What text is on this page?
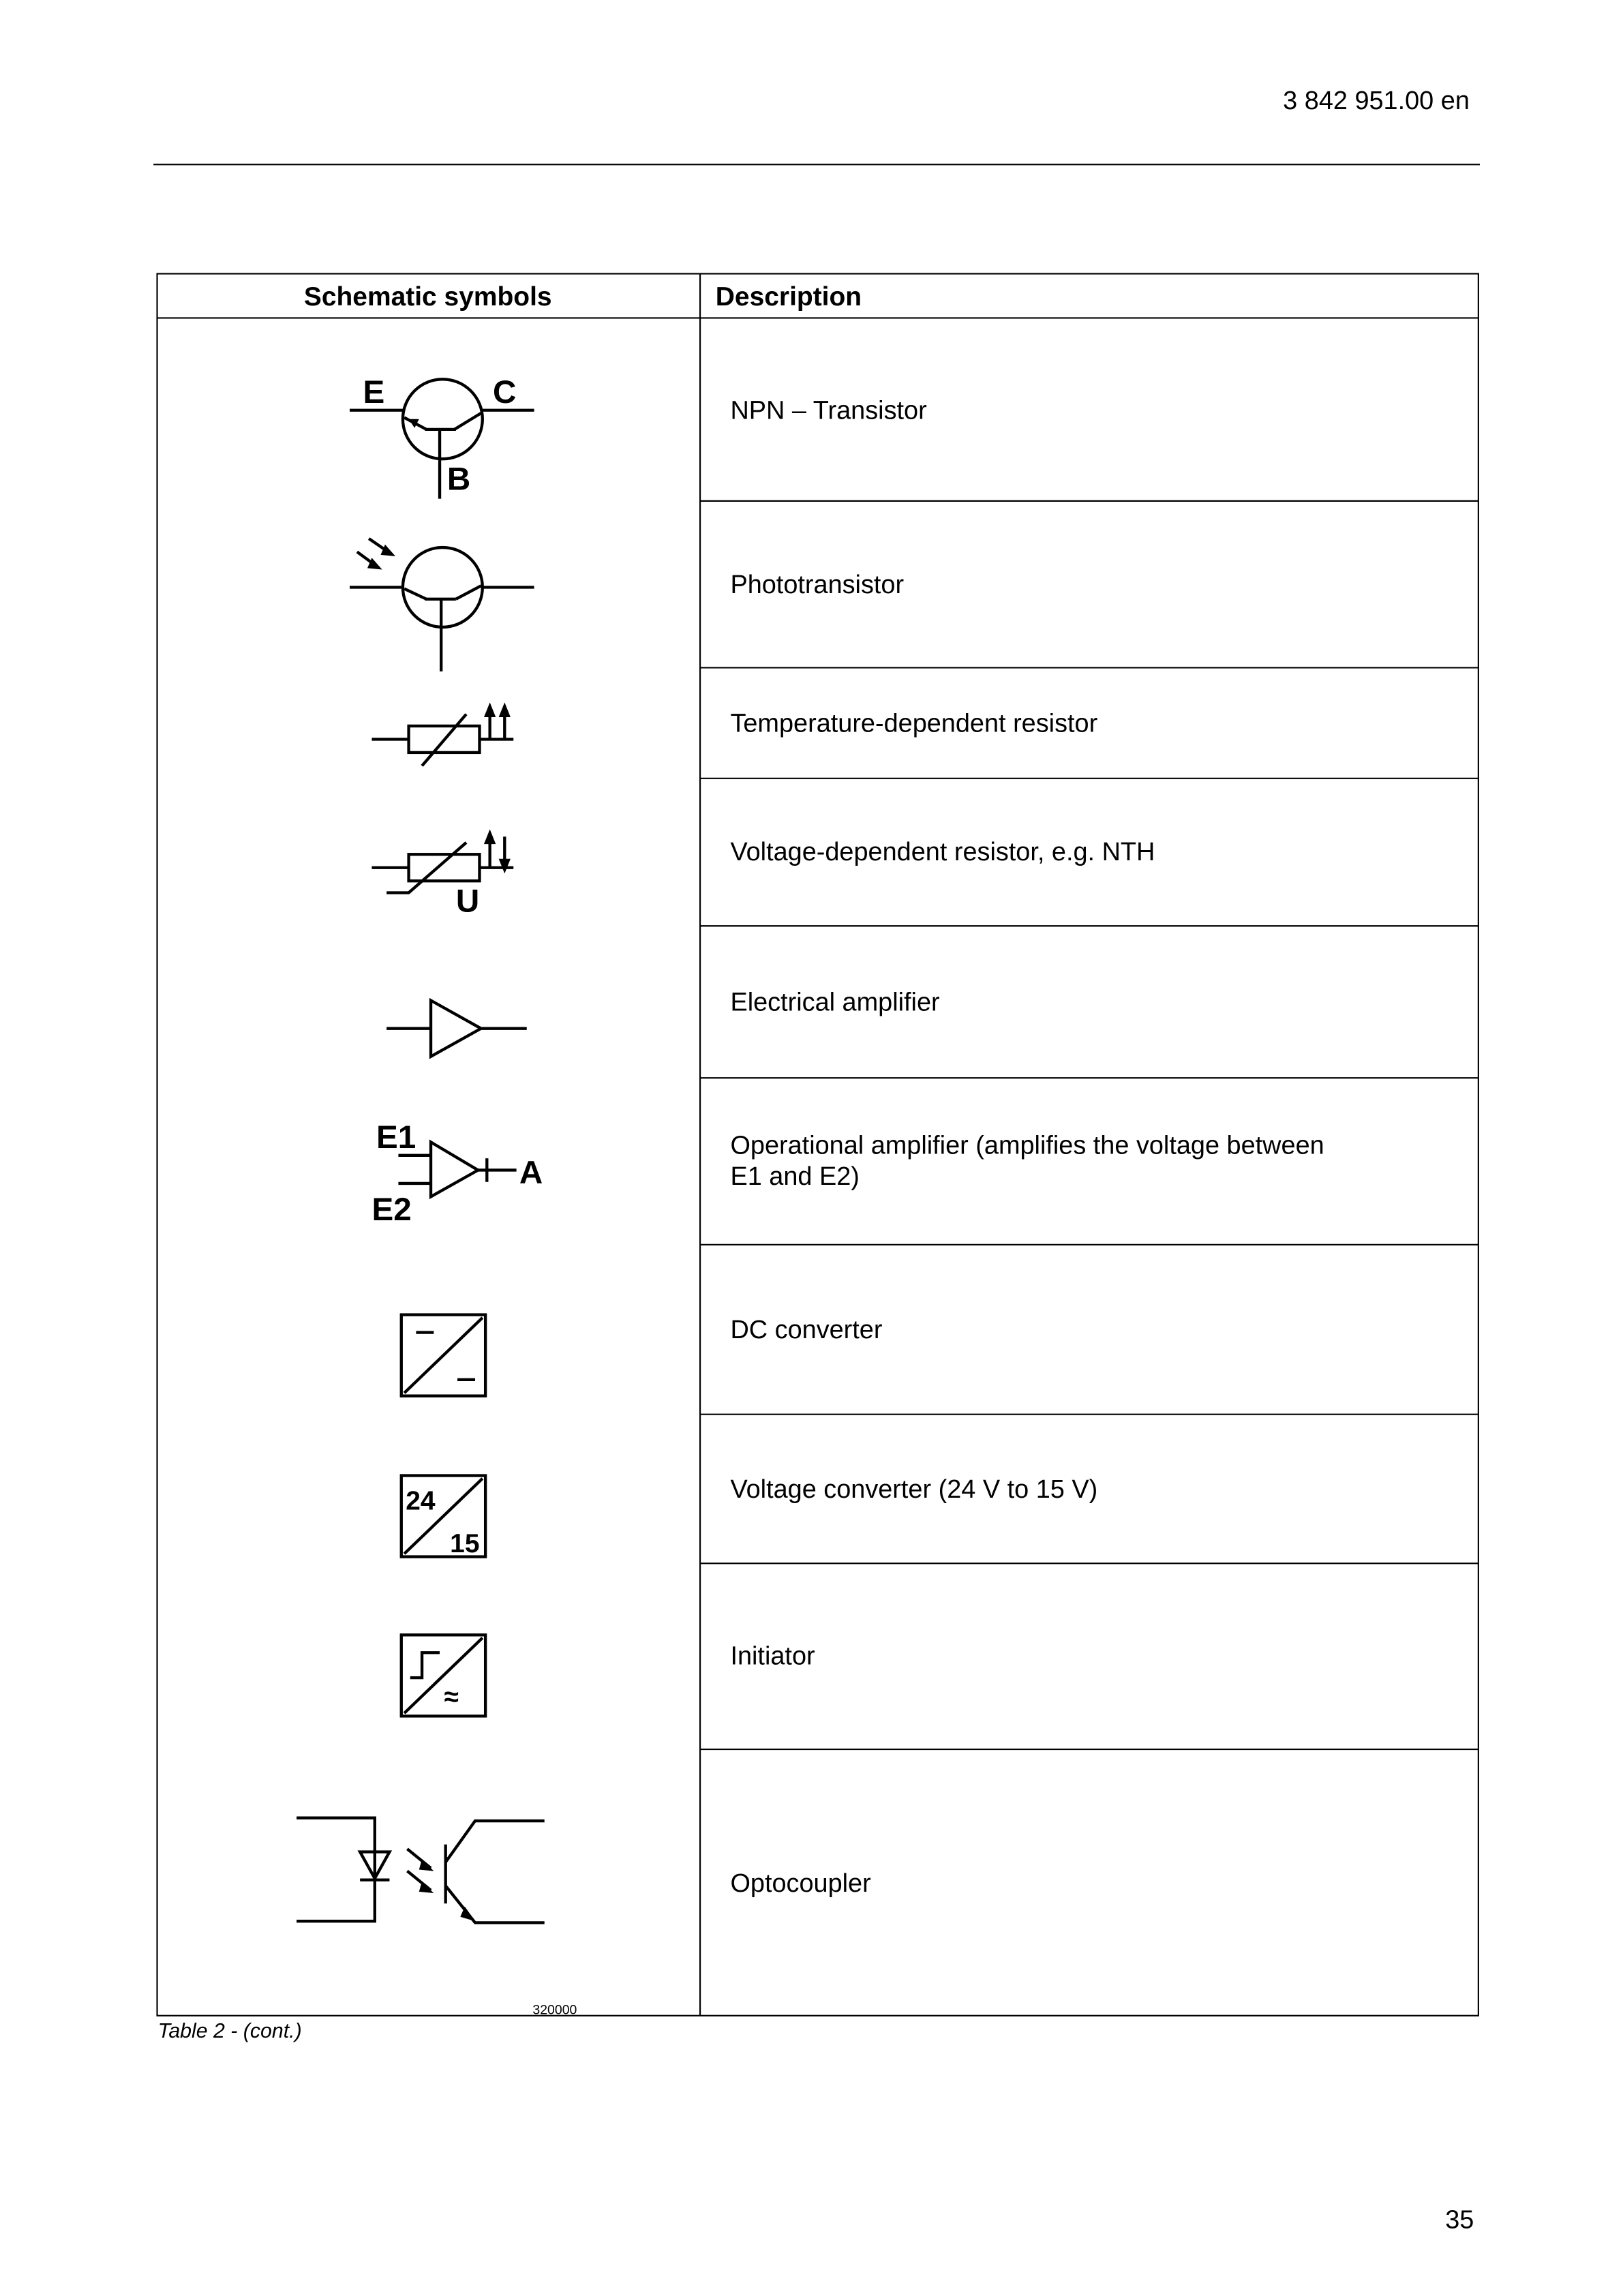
3 842 951.00 en
Schematic symbols	Description
NPN – Transistor
Phototransistor
Temperature-dependent resistor
Voltage-dependent resistor, e.g. NTH
Electrical amplifier
Operational amplifier (amplifies the voltage between
E1 and E2)
DC converter
Voltage converter (24 V to 15 V)
Initiator
Optocoupler
E	C
B
U
E1
E2
A
24
15
≈
320000
Table 2 - (cont.)
35
